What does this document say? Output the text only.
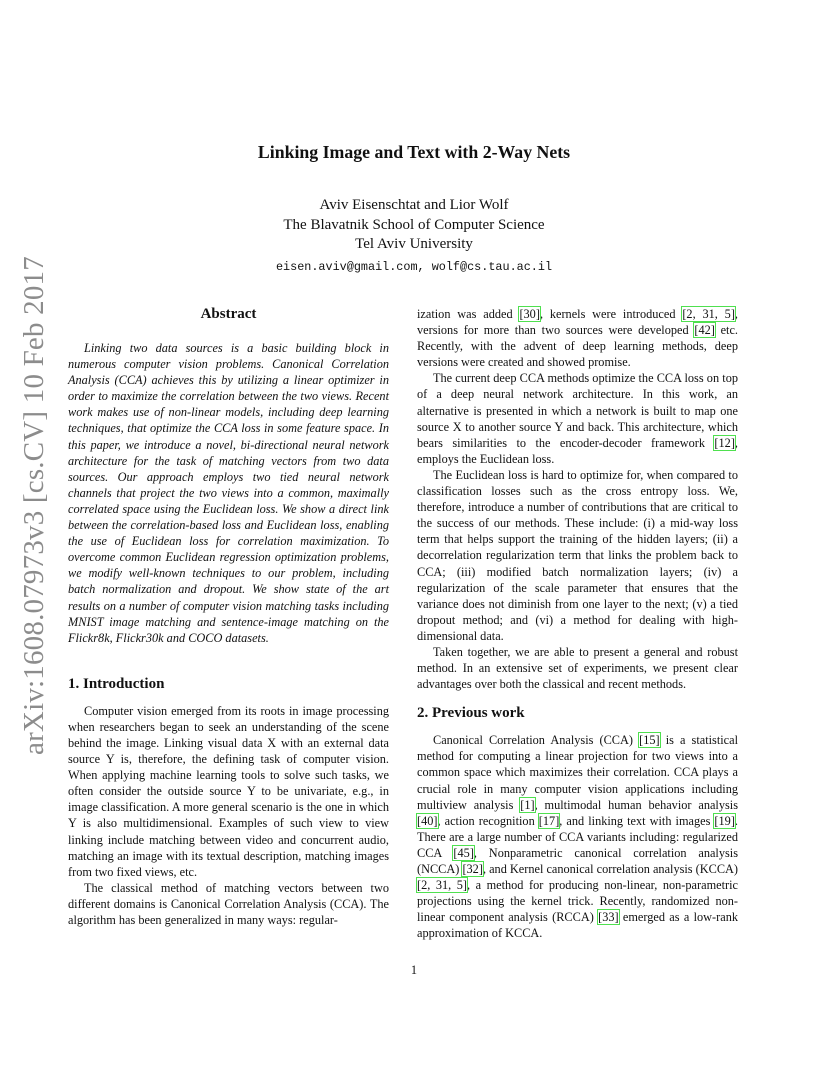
arXiv:1608.07973v3 [cs.CV] 10 Feb 2017
Linking Image and Text with 2-Way Nets
Aviv Eisenschtat and Lior Wolf
The Blavatnik School of Computer Science
Tel Aviv University
eisen.aviv@gmail.com, wolf@cs.tau.ac.il
Abstract

Linking two data sources is a basic building block in numerous computer vision problems. Canonical Correlation Analysis (CCA) achieves this by utilizing a linear optimizer in order to maximize the correlation between the two views. Recent work makes use of non-linear models, including deep learning techniques, that optimize the CCA loss in some feature space. In this paper, we introduce a novel, bi-directional neural network architecture for the task of matching vectors from two data sources. Our approach employs two tied neural network channels that project the two views into a common, maximally correlated space using the Euclidean loss. We show a direct link between the correlation-based loss and Euclidean loss, enabling the use of Euclidean loss for correlation maximization. To overcome common Euclidean regression optimization problems, we modify well-known techniques to our problem, including batch normalization and dropout. We show state of the art results on a number of computer vision matching tasks including MNIST image matching and sentence-image matching on the Flickr8k, Flickr30k and COCO datasets.

1. Introduction

Computer vision emerged from its roots in image processing when researchers began to seek an understanding of the scene behind the image. Linking visual data X with an external data source Y is, therefore, the defining task of computer vision. When applying machine learning tools to solve such tasks, we often consider the outside source Y to be univariate, e.g., in image classification. A more general scenario is the one in which Y is also multidimensional. Examples of such view to view linking include matching between video and concurrent audio, matching an image with its textual description, matching images from two fixed views, etc.

The classical method of matching vectors between two different domains is Canonical Correlation Analysis (CCA). The algorithm has been generalized in many ways: regular-

ization was added [30], kernels were introduced [2, 31, 5], versions for more than two sources were developed [42] etc. Recently, with the advent of deep learning methods, deep versions were created and showed promise.

The current deep CCA methods optimize the CCA loss on top of a deep neural network architecture. In this work, an alternative is presented in which a network is built to map one source X to another source Y and back. This architecture, which bears similarities to the encoder-decoder framework [12], employs the Euclidean loss.

The Euclidean loss is hard to optimize for, when compared to classification losses such as the cross entropy loss. We, therefore, introduce a number of contributions that are critical to the success of our methods. These include: (i) a mid-way loss term that helps support the training of the hidden layers; (ii) a decorrelation regularization term that links the problem back to CCA; (iii) modified batch normalization layers; (iv) a regularization of the scale parameter that ensures that the variance does not diminish from one layer to the next; (v) a tied dropout method; and (vi) a method for dealing with high-dimensional data.

Taken together, we are able to present a general and robust method. In an extensive set of experiments, we present clear advantages over both the classical and recent methods.

2. Previous work

Canonical Correlation Analysis (CCA) [15] is a statistical method for computing a linear projection for two views into a common space which maximizes their correlation. CCA plays a crucial role in many computer vision applications including multiview analysis [1], multimodal human behavior analysis [40], action recognition [17], and linking text with images [19]. There are a large number of CCA variants including: regularized CCA [45], Nonparametric canonical correlation analysis (NCCA) [32], and Kernel canonical correlation analysis (KCCA) [2, 31, 5], a method for producing non-linear, non-parametric projections using the kernel trick. Recently, randomized non-linear component analysis (RCCA) [33] emerged as a low-rank approximation of KCCA.

1
